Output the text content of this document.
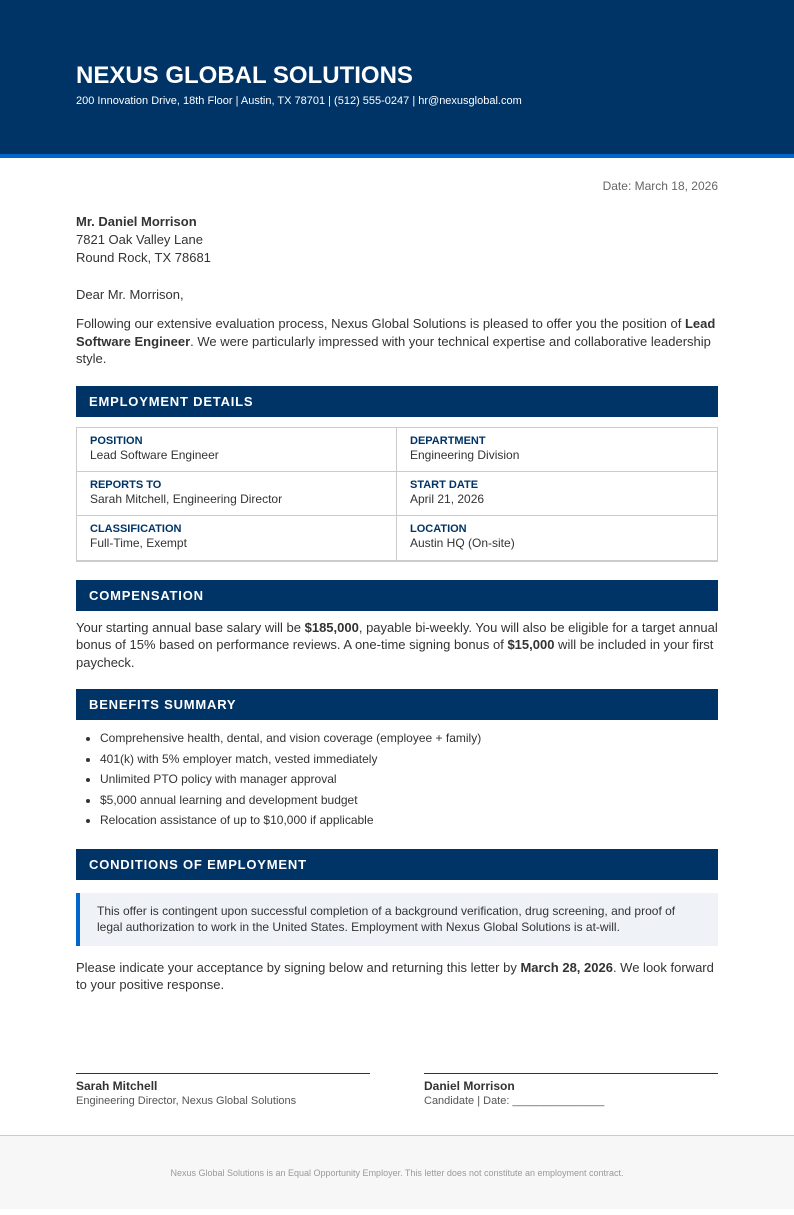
NEXUS GLOBAL SOLUTIONS
200 Innovation Drive, 18th Floor | Austin, TX 78701 | (512) 555-0247 | hr@nexusglobal.com
Date: March 18, 2026
Mr. Daniel Morrison
7821 Oak Valley Lane
Round Rock, TX 78681
Dear Mr. Morrison,
Following our extensive evaluation process, Nexus Global Solutions is pleased to offer you the position of Lead Software Engineer. We were particularly impressed with your technical expertise and collaborative leadership style.
EMPLOYMENT DETAILS
POSITION
Lead Software Engineer
DEPARTMENT
Engineering Division
REPORTS TO
Sarah Mitchell, Engineering Director
START DATE
April 21, 2026
CLASSIFICATION
Full-Time, Exempt
LOCATION
Austin HQ (On-site)
COMPENSATION
Your starting annual base salary will be $185,000, payable bi-weekly. You will also be eligible for a target annual bonus of 15% based on performance reviews. A one-time signing bonus of $15,000 will be included in your first paycheck.
BENEFITS SUMMARY
• Comprehensive health, dental, and vision coverage (employee + family)
• 401(k) with 5% employer match, vested immediately
• Unlimited PTO policy with manager approval
• $5,000 annual learning and development budget
• Relocation assistance of up to $10,000 if applicable
CONDITIONS OF EMPLOYMENT
This offer is contingent upon successful completion of a background verification, drug screening, and proof of legal authorization to work in the United States. Employment with Nexus Global Solutions is at-will.
Please indicate your acceptance by signing below and returning this letter by March 28, 2026. We look forward to your positive response.
Sarah Mitchell
Engineering Director, Nexus Global Solutions
Daniel Morrison
Candidate | Date: _______________
Nexus Global Solutions is an Equal Opportunity Employer. This letter does not constitute an employment contract.
